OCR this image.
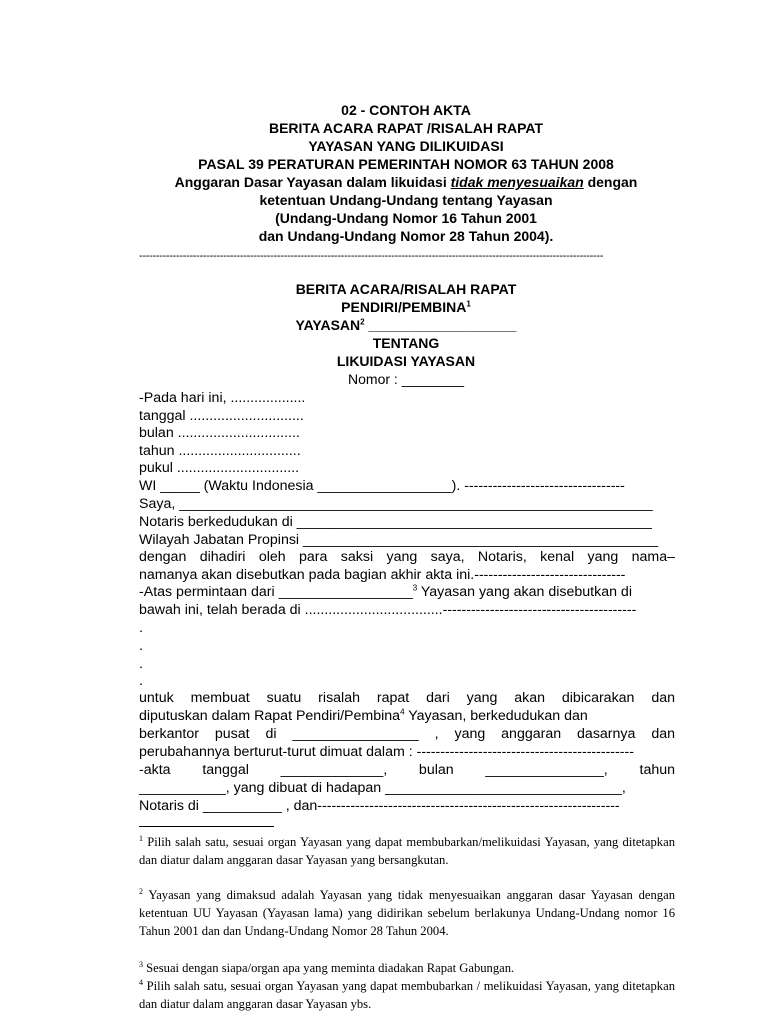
02 - CONTOH AKTA
BERITA ACARA RAPAT /RISALAH RAPAT
YAYASAN YANG DILIKUIDASI
PASAL 39 PERATURAN PEMERINTAH NOMOR 63 TAHUN 2008
Anggaran Dasar Yayasan dalam likuidasi tidak menyesuaikan dengan
ketentuan Undang-Undang tentang Yayasan
(Undang-Undang Nomor 16 Tahun 2001
dan Undang-Undang Nomor 28 Tahun 2004).
------------------------------------------------------------------------------------------------------------------------------------------
BERITA ACARA/RISALAH RAPAT
PENDIRI/PEMBINA$^1$
YAYASAN$^2$ ___________________
TENTANG
LIKUIDASI YAYASAN
Nomor : ________
-Pada hari ini, ...................
tanggal .............................
bulan ...............................
tahun ...............................
pukul ...............................
WI _____ (Waktu Indonesia _________________). ----------------------------------
Saya, ____________________________________________________________
Notaris berkedudukan di _____________________________________________
Wilayah Jabatan Propinsi _____________________________________________
dengan dihadiri oleh para saksi yang saya, Notaris, kenal yang nama–
namanya akan disebutkan pada bagian akhir akta ini.--------------------------------
-Atas permintaan dari _________________$^3$ Yayasan yang akan disebutkan di
bawah ini, telah berada di ...................................-----------------------------------------
.
.
.
.
untuk membuat suatu risalah rapat dari yang akan dibicarakan dan
diputuskan dalam Rapat Pendiri/Pembina$^4$ Yayasan, berkedudukan dan
berkantor pusat di ________________ , yang anggaran dasarnya dan
perubahannya berturut-turut dimuat dalam : ----------------------------------------------
-akta tanggal _____________, bulan _______________, tahun
___________, yang dibuat di hadapan ______________________________,
Notaris di __________ , dan----------------------------------------------------------------
$^1$ Pilih salah satu, sesuai organ Yayasan yang dapat membubarkan/melikuidasi Yayasan, yang ditetapkan dan diatur dalam anggaran dasar Yayasan yang bersangkutan.
$^2$ Yayasan yang dimaksud adalah Yayasan yang tidak menyesuaikan anggaran dasar Yayasan dengan ketentuan UU Yayasan (Yayasan lama) yang didirikan sebelum berlakunya Undang-Undang nomor 16 Tahun 2001 dan dan Undang-Undang Nomor 28 Tahun 2004.
$^3$ Sesuai dengan siapa/organ apa yang meminta diadakan Rapat Gabungan.
$^4$ Pilih salah satu, sesuai organ Yayasan yang dapat membubarkan / melikuidasi Yayasan, yang ditetapkan dan diatur dalam anggaran dasar Yayasan ybs.
